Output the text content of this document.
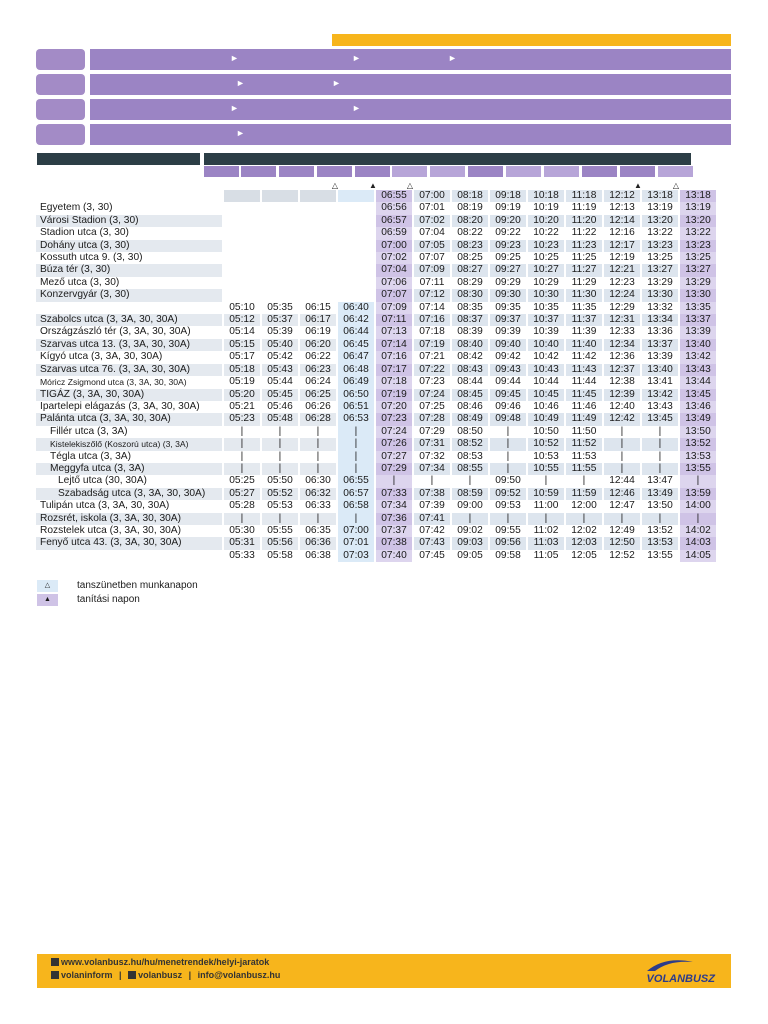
►	►	►
►	►
►	►
►
△	▲	△	▲	△
					06:55	07:00	08:18	09:18	10:18	11:18	12:12	13:18	13:18
Egyetem (3, 30)					06:56	07:01	08:19	09:19	10:19	11:19	12:13	13:19	13:19
Városi Stadion (3, 30)					06:57	07:02	08:20	09:20	10:20	11:20	12:14	13:20	13:20
Stadion utca (3, 30)					06:59	07:04	08:22	09:22	10:22	11:22	12:16	13:22	13:22
Dohány utca (3, 30)					07:00	07:05	08:23	09:23	10:23	11:23	12:17	13:23	13:23
Kossuth utca 9. (3, 30)					07:02	07:07	08:25	09:25	10:25	11:25	12:19	13:25	13:25
Búza tér (3, 30)					07:04	07:09	08:27	09:27	10:27	11:27	12:21	13:27	13:27
Mező utca (3, 30)					07:06	07:11	08:29	09:29	10:29	11:29	12:23	13:29	13:29
Konzervgyár (3, 30)					07:07	07:12	08:30	09:30	10:30	11:30	12:24	13:30	13:30
	05:10	05:35	06:15	06:40	07:09	07:14	08:35	09:35	10:35	11:35	12:29	13:32	13:35
Szabolcs utca (3, 3A, 30, 30A)	05:12	05:37	06:17	06:42	07:11	07:16	08:37	09:37	10:37	11:37	12:31	13:34	13:37
Országzászló tér (3, 3A, 30, 30A)	05:14	05:39	06:19	06:44	07:13	07:18	08:39	09:39	10:39	11:39	12:33	13:36	13:39
Szarvas utca 13. (3, 3A, 30, 30A)	05:15	05:40	06:20	06:45	07:14	07:19	08:40	09:40	10:40	11:40	12:34	13:37	13:40
Kígyó utca (3, 3A, 30, 30A)	05:17	05:42	06:22	06:47	07:16	07:21	08:42	09:42	10:42	11:42	12:36	13:39	13:42
Szarvas utca 76. (3, 3A, 30, 30A)	05:18	05:43	06:23	06:48	07:17	07:22	08:43	09:43	10:43	11:43	12:37	13:40	13:43
Móricz Zsigmond utca (3, 3A, 30, 30A)	05:19	05:44	06:24	06:49	07:18	07:23	08:44	09:44	10:44	11:44	12:38	13:41	13:44
TIGÁZ (3, 3A, 30, 30A)	05:20	05:45	06:25	06:50	07:19	07:24	08:45	09:45	10:45	11:45	12:39	13:42	13:45
Ipartelepi elágazás (3, 3A, 30, 30A)	05:21	05:46	06:26	06:51	07:20	07:25	08:46	09:46	10:46	11:46	12:40	13:43	13:46
Palánta utca (3, 3A, 30, 30A)	05:23	05:48	06:28	06:53	07:23	07:28	08:49	09:48	10:49	11:49	12:42	13:45	13:49
Fillér utca (3, 3A)	|	|	|	|	07:24	07:29	08:50	|	10:50	11:50	|	|	13:50
Kistelekiszőlő (Koszorú utca) (3, 3A)	|	|	|	|	07:26	07:31	08:52	|	10:52	11:52	|	|	13:52
Tégla utca (3, 3A)	|	|	|	|	07:27	07:32	08:53	|	10:53	11:53	|	|	13:53
Meggyfa utca (3, 3A)	|	|	|	|	07:29	07:34	08:55	|	10:55	11:55	|	|	13:55
Lejtő utca (30, 30A)	05:25	05:50	06:30	06:55	|	|	|	09:50	|	|	12:44	13:47	|
Szabadság utca (3, 3A, 30, 30A)	05:27	05:52	06:32	06:57	07:33	07:38	08:59	09:52	10:59	11:59	12:46	13:49	13:59
Tulipán utca (3, 3A, 30, 30A)	05:28	05:53	06:33	06:58	07:34	07:39	09:00	09:53	11:00	12:00	12:47	13:50	14:00
Rozsrét, iskola (3, 3A, 30, 30A)	|	|	|	|	07:36	07:41	|	|	|	|	|	|	|
Rozstelek utca (3, 3A, 30, 30A)	05:30	05:55	06:35	07:00	07:37	07:42	09:02	09:55	11:02	12:02	12:49	13:52	14:02
Fenyő utca 43. (3, 3A, 30, 30A)	05:31	05:56	06:36	07:01	07:38	07:43	09:03	09:56	11:03	12:03	12:50	13:53	14:03
	05:33	05:58	06:38	07:03	07:40	07:45	09:05	09:58	11:05	12:05	12:52	13:55	14:05
△	tanszünetben munkanapon
▲	tanítási napon
www.volanbusz.hu/hu/menetrendek/helyi-jaratok
volaninform | volanbusz | info@volanbusz.hu	VOLANBUSZ
